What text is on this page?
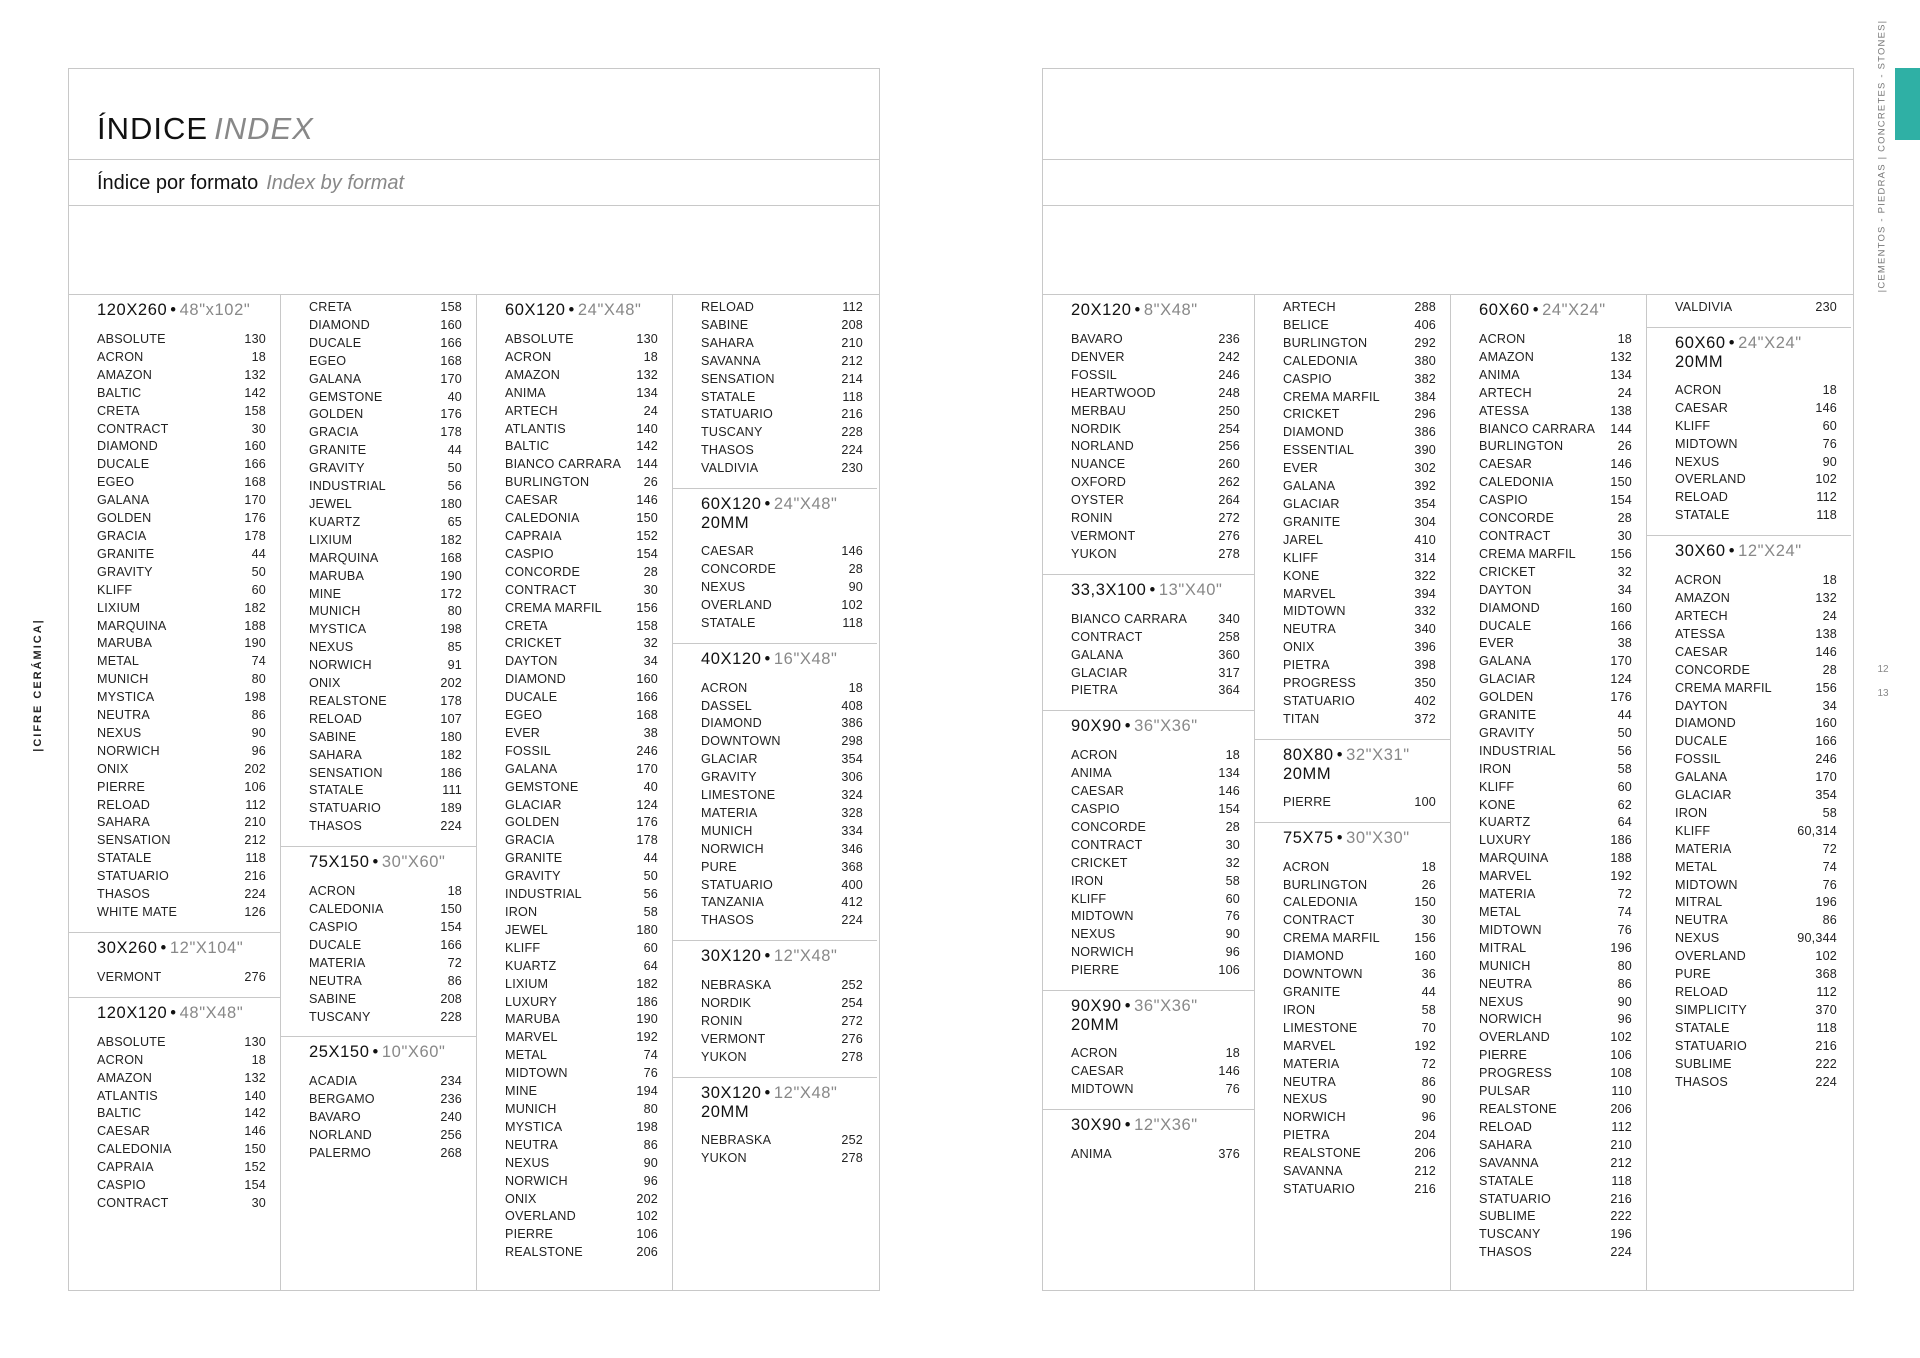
ÍNDICE INDEX
Índice por formato Index by format
120X260 • 48"x102"
ABSOLUTE	130
ACRON	18
AMAZON	132
BALTIC	142
CRETA	158
CONTRACT	30
DIAMOND	160
DUCALE	166
EGEO	168
GALANA	170
GOLDEN	176
GRACIA	178
GRANITE	44
GRAVITY	50
KLIFF	60
LIXIUM	182
MARQUINA	188
MARUBA	190
METAL	74
MUNICH	80
MYSTICA	198
NEUTRA	86
NEXUS	90
NORWICH	96
ONIX	202
PIERRE	106
RELOAD	112
SAHARA	210
SENSATION	212
STATALE	118
STATUARIO	216
THASOS	224
WHITE MATE	126
30X260 • 12"X104"
VERMONT	276
120X120 • 48"X48"
ABSOLUTE	130
ACRON	18
AMAZON	132
ATLANTIS	140
BALTIC	142
CAESAR	146
CALEDONIA	150
CAPRAIA	152
CASPIO	154
CONTRACT	30
CRETA	158
DIAMOND	160
DUCALE	166
EGEO	168
GALANA	170
GEMSTONE	40
GOLDEN	176
GRACIA	178
GRANITE	44
GRAVITY	50
INDUSTRIAL	56
JEWEL	180
KUARTZ	65
LIXIUM	182
MARQUINA	168
MARUBA	190
MINE	172
MUNICH	80
MYSTICA	198
NEXUS	85
NORWICH	91
ONIX	202
REALSTONE	178
RELOAD	107
SABINE	180
SAHARA	182
SENSATION	186
STATALE	111
STATUARIO	189
THASOS	224
75X150 • 30"X60"
ACRON	18
CALEDONIA	150
CASPIO	154
DUCALE	166
MATERIA	72
NEUTRA	86
SABINE	208
TUSCANY	228
25X150 • 10"X60"
ACADIA	234
BERGAMO	236
BAVARO	240
NORLAND	256
PALERMO	268
60X120 • 24"X48"
ABSOLUTE	130
ACRON	18
AMAZON	132
ANIMA	134
ARTECH	24
ATLANTIS	140
BALTIC	142
BIANCO CARRARA 144
BURLINGTON	26
CAESAR	146
CALEDONIA	150
CAPRAIA	152
CASPIO	154
CONCORDE	28
CONTRACT	30
CREMA MARFIL	156
CRETA	158
CRICKET	32
DAYTON	34
DIAMOND	160
DUCALE	166
EGEO	168
EVER	38
FOSSIL	246
GALANA	170
GEMSTONE	40
GLACIAR	124
GOLDEN	176
GRACIA	178
GRANITE	44
GRAVITY	50
INDUSTRIAL	56
IRON	58
JEWEL	180
KLIFF	60
KUARTZ	64
LIXIUM	182
LUXURY	186
MARUBA	190
MARVEL	192
METAL	74
MIDTOWN	76
MINE	194
MUNICH	80
MYSTICA	198
NEUTRA	86
NEXUS	90
NORWICH	96
ONIX	202
OVERLAND	102
PIERRE	106
REALSTONE	206
RELOAD	112
SABINE	208
SAHARA	210
SAVANNA	212
SENSATION	214
STATALE	118
STATUARIO	216
TUSCANY	228
THASOS	224
VALDIVIA	230
60X120 • 24"X48"
20MM
CAESAR	146
CONCORDE	28
NEXUS	90
OVERLAND	102
STATALE	118
40X120 • 16"X48"
ACRON	18
DASSEL	408
DIAMOND	386
DOWNTOWN	298
GLACIAR	354
GRAVITY	306
LIMESTONE	324
MATERIA	328
MUNICH	334
NORWICH	346
PURE	368
STATUARIO	400
TANZANIA	412
THASOS	224
30X120 • 12"X48"
NEBRASKA	252
NORDIK	254
RONIN	272
VERMONT	276
YUKON	278
30X120 • 12"X48"
20MM
NEBRASKA	252
YUKON	278
|CIFRE CERÁMICA|
20X120 • 8"X48"
BAVARO	236
DENVER	242
FOSSIL	246
HEARTWOOD	248
MERBAU	250
NORDIK	254
NORLAND	256
NUANCE	260
OXFORD	262
OYSTER	264
RONIN	272
VERMONT	276
YUKON	278
33,3X100 • 13"X40"
BIANCO CARRARA 340
CONTRACT	258
GALANA	360
GLACIAR	317
PIETRA	364
90X90 • 36"X36"
ACRON	18
ANIMA	134
CAESAR	146
CASPIO	154
CONCORDE	28
CONTRACT	30
CRICKET	32
IRON	58
KLIFF	60
MIDTOWN	76
NEXUS	90
NORWICH	96
PIERRE	106
90X90 • 36"X36"
20MM
ACRON	18
CAESAR	146
MIDTOWN	76
30X90 • 12"X36"
ANIMA	376
ARTECH	288
BELICE	406
BURLINGTON	292
CALEDONIA	380
CASPIO	382
CREMA MARFIL	384
CRICKET	296
DIAMOND	386
ESSENTIAL	390
EVER	302
GALANA	392
GLACIAR	354
GRANITE	304
JAREL	410
KLIFF	314
KONE	322
MARVEL	394
MIDTOWN	332
NEUTRA	340
ONIX	396
PIETRA	398
PROGRESS	350
STATUARIO	402
TITAN	372
80X80 • 32"X31"
20MM
PIERRE	100
75X75 • 30"X30"
ACRON	18
BURLINGTON	26
CALEDONIA	150
CONTRACT	30
CREMA MARFIL	156
DIAMOND	160
DOWNTOWN	36
GRANITE	44
IRON	58
LIMESTONE	70
MARVEL	192
MATERIA	72
NEUTRA	86
NEXUS	90
NORWICH	96
PIETRA	204
REALSTONE	206
SAVANNA	212
STATUARIO	216
60X60 • 24"X24"
ACRON	18
AMAZON	132
ANIMA	134
ARTECH	24
ATESSA	138
BIANCO CARRARA 144
BURLINGTON	26
CAESAR	146
CALEDONIA	150
CASPIO	154
CONCORDE	28
CONTRACT	30
CREMA MARFIL	156
CRICKET	32
DAYTON	34
DIAMOND	160
DUCALE	166
EVER	38
GALANA	170
GLACIAR	124
GOLDEN	176
GRANITE	44
GRAVITY	50
INDUSTRIAL	56
IRON	58
KLIFF	60
KONE	62
KUARTZ	64
LUXURY	186
MARQUINA	188
MARVEL	192
MATERIA	72
METAL	74
MIDTOWN	76
MITRAL	196
MUNICH	80
NEUTRA	86
NEXUS	90
NORWICH	96
OVERLAND	102
PIERRE	106
PROGRESS	108
PULSAR	110
REALSTONE	206
RELOAD	112
SAHARA	210
SAVANNA	212
STATALE	118
STATUARIO	216
SUBLIME	222
TUSCANY	196
THASOS	224
VALDIVIA	230
60X60 • 24"X24"
20MM
ACRON	18
CAESAR	146
KLIFF	60
MIDTOWN	76
NEXUS	90
OVERLAND	102
RELOAD	112
STATALE	118
30X60 • 12"X24"
ACRON	18
AMAZON	132
ARTECH	24
ATESSA	138
CAESAR	146
CONCORDE	28
CREMA MARFIL	156
DAYTON	34
DIAMOND	160
DUCALE	166
FOSSIL	246
GALANA	170
GLACIAR	354
IRON	58
KLIFF	60,314
MATERIA	72
METAL	74
MIDTOWN	76
MITRAL	196
NEUTRA	86
NEXUS	90,344
OVERLAND	102
PURE	368
RELOAD	112
SIMPLICITY	370
STATALE	118
STATUARIO	216
SUBLIME	222
THASOS	224
|CEMENTOS - PIEDRAS | CONCRETES - STONES|
12
13
